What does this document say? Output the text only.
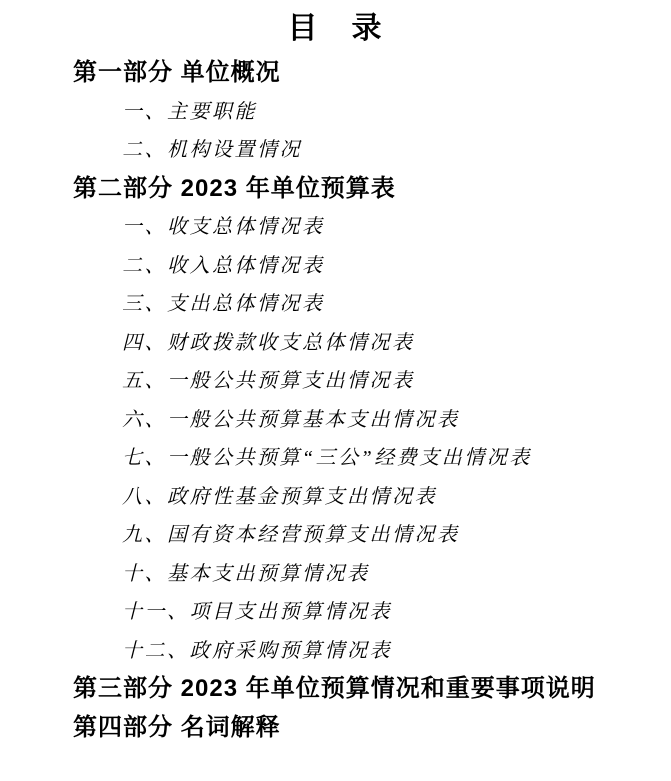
目　录
第一部分 单位概况
一、主要职能
二、机构设置情况
第二部分 2023 年单位预算表
一、收支总体情况表
二、收入总体情况表
三、支出总体情况表
四、财政拨款收支总体情况表
五、一般公共预算支出情况表
六、一般公共预算基本支出情况表
七、一般公共预算“三公”经费支出情况表
八、政府性基金预算支出情况表
九、国有资本经营预算支出情况表
十、基本支出预算情况表
十一、项目支出预算情况表
十二、政府采购预算情况表
第三部分 2023 年单位预算情况和重要事项说明
第四部分 名词解释
